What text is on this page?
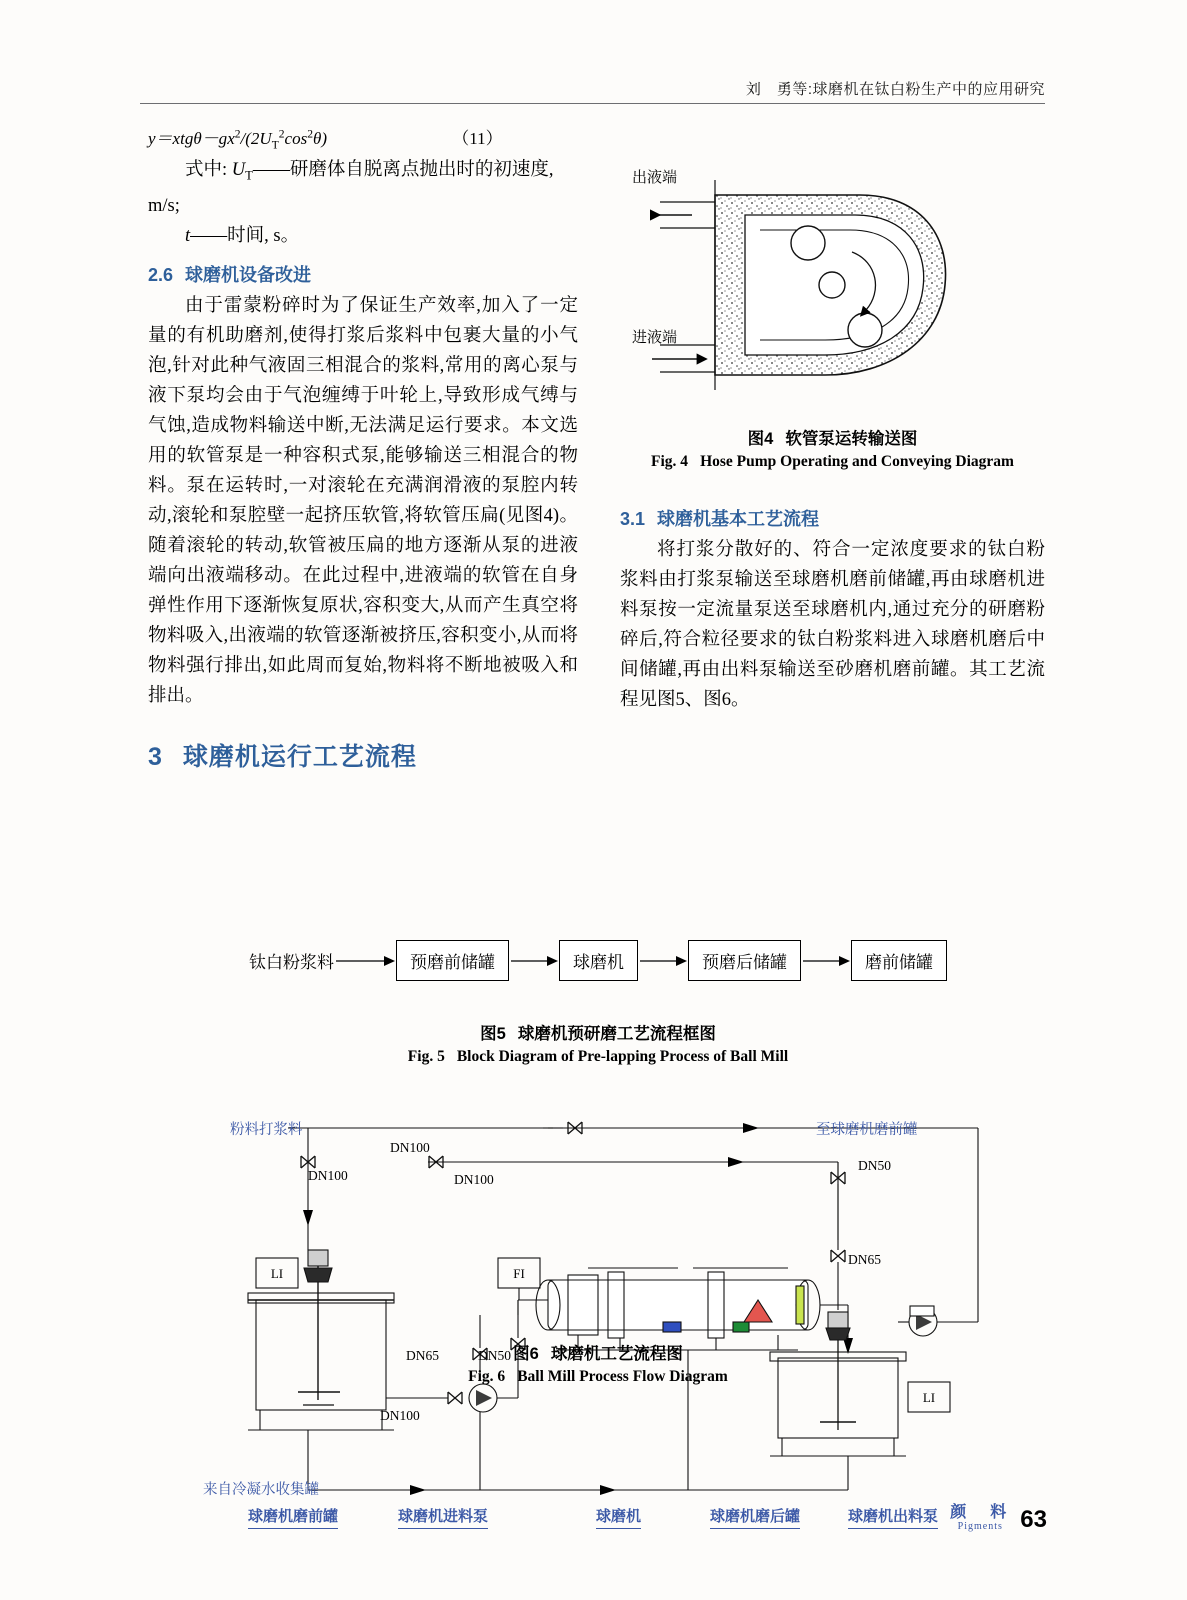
刘　勇等:球磨机在钛白粉生产中的应用研究
$y=xtg\theta-gx^2/(2U_T^2\cos^2\theta)$	（11）
式中: $U_T——$研磨体自脱离点抛出时的初速度,
m/s;
t——时间, s。
2.6 球磨机设备改进
由于雷蒙粉碎时为了保证生产效率,加入了一定量的有机助磨剂,使得打浆后浆料中包裹大量的小气泡,针对此种气液固三相混合的浆料,常用的离心泵与液下泵均会由于气泡缠缚于叶轮上,导致形成气缚与气蚀,造成物料输送中断,无法满足运行要求。本文选用的软管泵是一种容积式泵,能够输送三相混合的物料。泵在运转时,一对滚轮在充满润滑液的泵腔内转动,滚轮和泵腔壁一起挤压软管,将软管压扁(见图4)。随着滚轮的转动,软管被压扁的地方逐渐从泵的进液端向出液端移动。在此过程中,进液端的软管在自身弹性作用下逐渐恢复原状,容积变大,从而产生真空将物料吸入,出液端的软管逐渐被挤压,容积变小,从而将物料强行排出,如此周而复始,物料将不断地被吸入和排出。
3 球磨机运行工艺流程
出液端
进液端
图4 软管泵运转输送图
Fig. 4 Hose Pump Operating and Conveying Diagram
3.1 球磨机基本工艺流程
将打浆分散好的、符合一定浓度要求的钛白粉浆料由打浆泵输送至球磨机磨前储罐,再由球磨机进料泵按一定流量泵送至球磨机内,通过充分的研磨粉碎后,符合粒径要求的钛白粉浆料进入球磨机磨后中间储罐,再由出料泵输送至砂磨机磨前罐。其工艺流程见图5、图6。
钛白粉浆料	预磨前储罐	球磨机	预磨后储罐	磨前储罐
图5 球磨机预研磨工艺流程框图
Fig. 5 Block Diagram of Pre-lapping Process of Ball Mill
LI	FI
LI
粉料打浆料	至球磨机磨前罐
来自冷凝水收集罐
DN100
DN100	DN100
DN50
DN65
DN65	DN50
DN100
球磨机磨前罐	球磨机进料泵	球磨机	球磨机磨后罐	球磨机出料泵
图6 球磨机工艺流程图
Fig. 6 Ball Mill Process Flow Diagram
颜　料
Pigments 63
